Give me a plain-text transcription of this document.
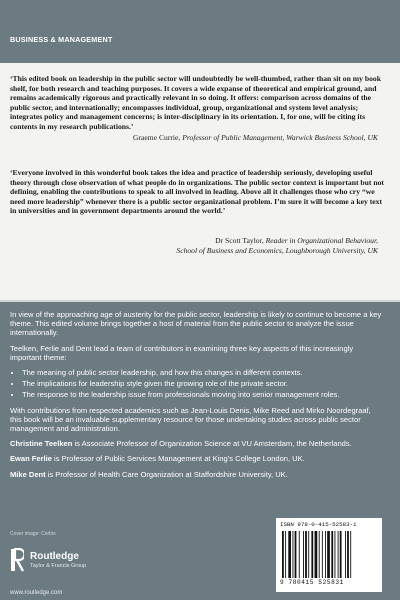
BUSINESS & MANAGEMENT
‘This edited book on leadership in the public sector will undoubtedly be well-thumbed, rather than sit on my book shelf, for both research and teaching purposes. It covers a wide expanse of theoretical and empirical ground, and remains academically rigorous and practically relevant in so doing. It offers: comparison across domains of the public sector, and internationally; encompasses individual, group, organizational and system level analysis; integrates policy and management concerns; is inter-disciplinary in its orientation. I, for one, will be citing its contents in my research publications.’
Graeme Currie, Professor of Public Management, Warwick Business School, UK
‘Everyone involved in this wonderful book takes the idea and practice of leadership seriously, developing useful theory through close observation of what people do in organizations. The public sector context is important but not defining, enabling the contributions to speak to all involved in leading. Above all it challenges those who cry “we need more leadership” whenever there is a public sector organizational problem. I’m sure it will become a key text in universities and in government departments around the world.’
Dr Scott Taylor, Reader in Organizational Behaviour,
School of Business and Economics, Loughborough University, UK

In view of the approaching age of austerity for the public sector, leadership is likely to continue to become a key theme. This edited volume brings together a host of material from the public sector to analyze the issue internationally.

Teelken, Ferlie and Dent lead a team of contributors in examining three key aspects of this increasingly important theme:

• The meaning of public sector leadership, and how this changes in different contexts.
• The implications for leadership style given the growing role of the private sector.
• The response to the leadership issue from professionals moving into senior management roles.

With contributions from respected academics such as Jean-Louis Denis, Mike Reed and Mirko Noordegraaf, this book will be an invaluable supplementary resource for those undertaking studies across public sector management and administration.

Christine Teelken is Associate Professor of Organization Science at VU Amsterdam, the Netherlands.

Ewan Ferlie is Professor of Public Services Management at King’s College London, UK.

Mike Dent is Professor of Health Care Organization at Staffordshire University, UK.

Cover image: Corbis
Routledge
Taylor & Francis Group
www.routledge.com
ISBN 978-0-415-52583-1
9 780415 525831
